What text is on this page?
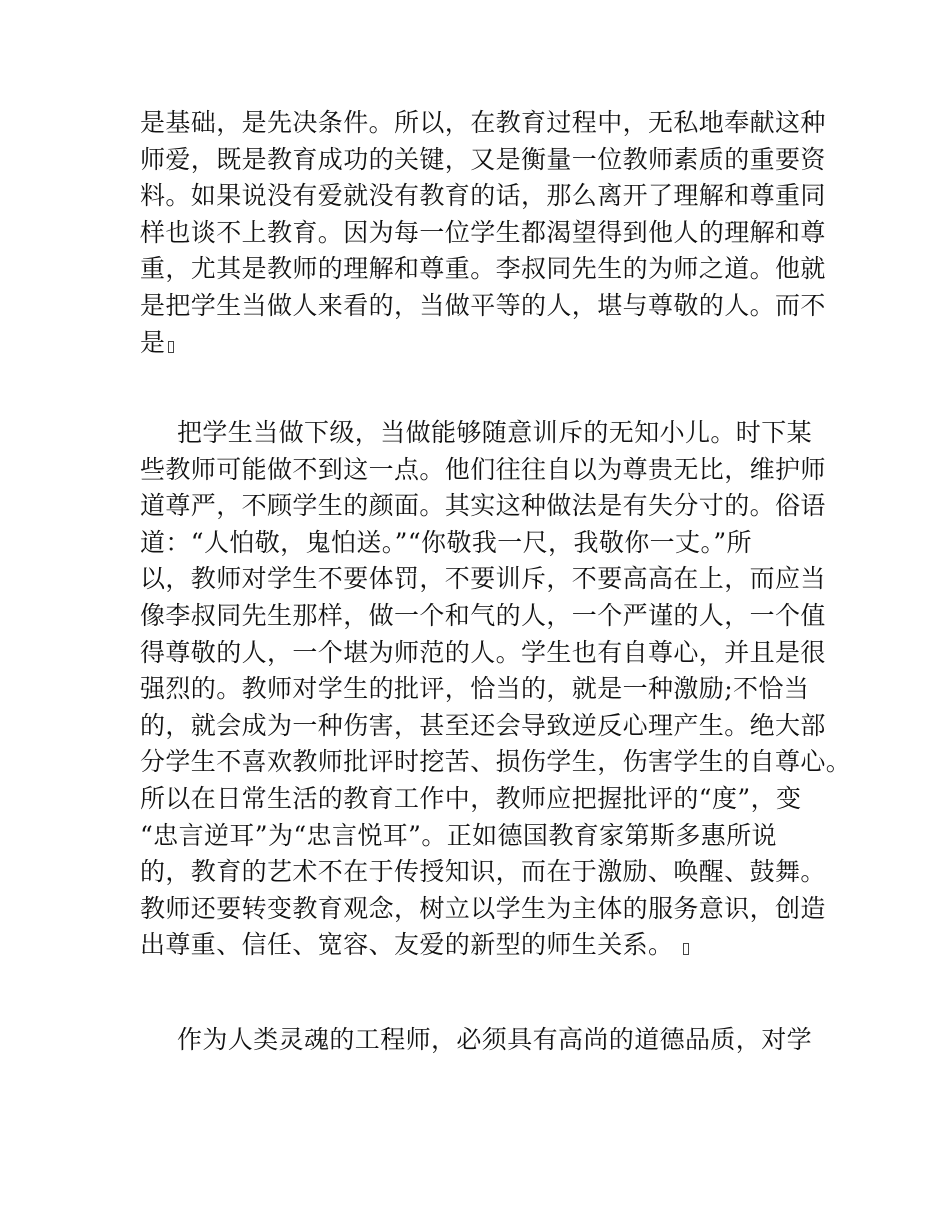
是基础，是先决条件。所以，在教育过程中，无私地奉献这种
师爱，既是教育成功的关键，又是衡量一位教师素质的重要资
料。如果说没有爱就没有教育的话，那么离开了理解和尊重同
样也谈不上教育。因为每一位学生都渴望得到他人的理解和尊
重，尤其是教师的理解和尊重。李叔同先生的为师之道。他就
是把学生当做人来看的，当做平等的人，堪与尊敬的人。而不
是
把学生当做下级，当做能够随意训斥的无知小儿。时下某
些教师可能做不到这一点。他们往往自以为尊贵无比，维护师
道尊严，不顾学生的颜面。其实这种做法是有失分寸的。俗语
道：“人怕敬，鬼怕送。”“你敬我一尺，我敬你一丈。”所
以，教师对学生不要体罚，不要训斥，不要高高在上，而应当
像李叔同先生那样，做一个和气的人，一个严谨的人，一个值
得尊敬的人，一个堪为师范的人。学生也有自尊心，并且是很
强烈的。教师对学生的批评，恰当的，就是一种激励;不恰当
的，就会成为一种伤害，甚至还会导致逆反心理产生。绝大部
分学生不喜欢教师批评时挖苦、损伤学生，伤害学生的自尊心。
所以在日常生活的教育工作中，教师应把握批评的“度”，变
“忠言逆耳”为“忠言悦耳”。正如德国教育家第斯多惠所说
的，教育的艺术不在于传授知识，而在于激励、唤醒、鼓舞。
教师还要转变教育观念，树立以学生为主体的服务意识，创造
出尊重、信任、宽容、友爱的新型的师生关系。
作为人类灵魂的工程师，必须具有高尚的道德品质，对学
